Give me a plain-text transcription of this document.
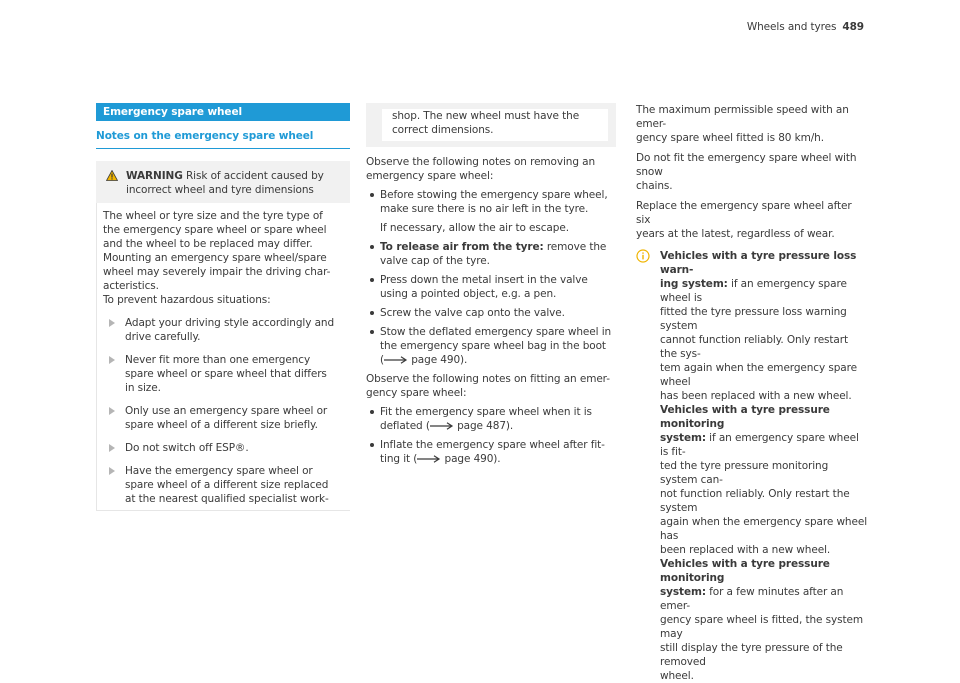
Wheels and tyres 489
Emergency spare wheel
Notes on the emergency spare wheel
WARNING Risk of accident caused by
incorrect wheel and tyre dimensions
The wheel or tyre size and the tyre type of
the emergency spare wheel or spare wheel
and the wheel to be replaced may differ.
Mounting an emergency spare wheel/spare
wheel may severely impair the driving char-
acteristics.
To prevent hazardous situations:
Adapt your driving style accordingly and
drive carefully.
Never fit more than one emergency
spare wheel or spare wheel that differs
in size.
Only use an emergency spare wheel or
spare wheel of a different size briefly.
Do not switch off ESP®.
Have the emergency spare wheel or
spare wheel of a different size replaced
at the nearest qualified specialist work-
shop. The new wheel must have the
correct dimensions.
Observe the following notes on removing an
emergency spare wheel:
Before stowing the emergency spare wheel,
make sure there is no air left in the tyre.
If necessary, allow the air to escape.
To release air from the tyre: remove the
valve cap of the tyre.
Press down the metal insert in the valve
using a pointed object, e.g. a pen.
Screw the valve cap onto the valve.
Stow the deflated emergency spare wheel in
the emergency spare wheel bag in the boot
( page 490).
Observe the following notes on fitting an emer-
gency spare wheel:
Fit the emergency spare wheel when it is
deflated ( page 487).
Inflate the emergency spare wheel after fit-
ting it ( page 490).
The maximum permissible speed with an emer-
gency spare wheel fitted is 80 km/h.
Do not fit the emergency spare wheel with snow
chains.
Replace the emergency spare wheel after six
years at the latest, regardless of wear.
Vehicles with a tyre pressure loss warn-
ing system: if an emergency spare wheel is
fitted the tyre pressure loss warning system
cannot function reliably. Only restart the sys-
tem again when the emergency spare wheel
has been replaced with a new wheel.
Vehicles with a tyre pressure monitoring
system: if an emergency spare wheel is fit-
ted the tyre pressure monitoring system can-
not function reliably. Only restart the system
again when the emergency spare wheel has
been replaced with a new wheel.
Vehicles with a tyre pressure monitoring
system: for a few minutes after an emer-
gency spare wheel is fitted, the system may
still display the tyre pressure of the removed
wheel.
